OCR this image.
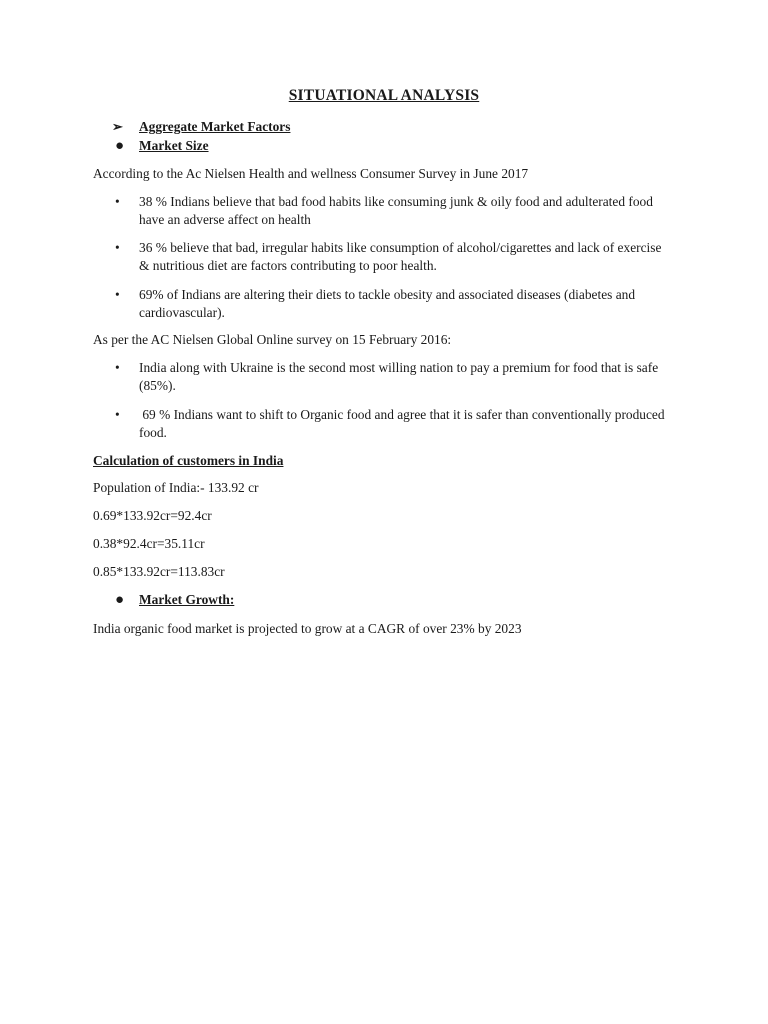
SITUATIONAL ANALYSIS
➢ Aggregate Market Factors
● Market Size
According to the Ac Nielsen Health and wellness Consumer Survey in June 2017
• 38 % Indians believe that bad food habits like consuming junk & oily food and adulterated food have an adverse affect on health
• 36 % believe that bad, irregular habits like consumption of alcohol/cigarettes and lack of exercise & nutritious diet are factors contributing to poor health.
• 69% of Indians are altering their diets to tackle obesity and associated diseases (diabetes and cardiovascular).
As per the AC Nielsen Global Online survey on 15 February 2016:
• India along with Ukraine is the second most willing nation to pay a premium for food that is safe (85%).
• 69 % Indians want to shift to Organic food and agree that it is safer than conventionally produced food.
Calculation of customers in India
Population of India:- 133.92 cr
0.69*133.92cr=92.4cr
0.38*92.4cr=35.11cr
0.85*133.92cr=113.83cr
● Market Growth:
India organic food market is projected to grow at a CAGR of over 23% by 2023
